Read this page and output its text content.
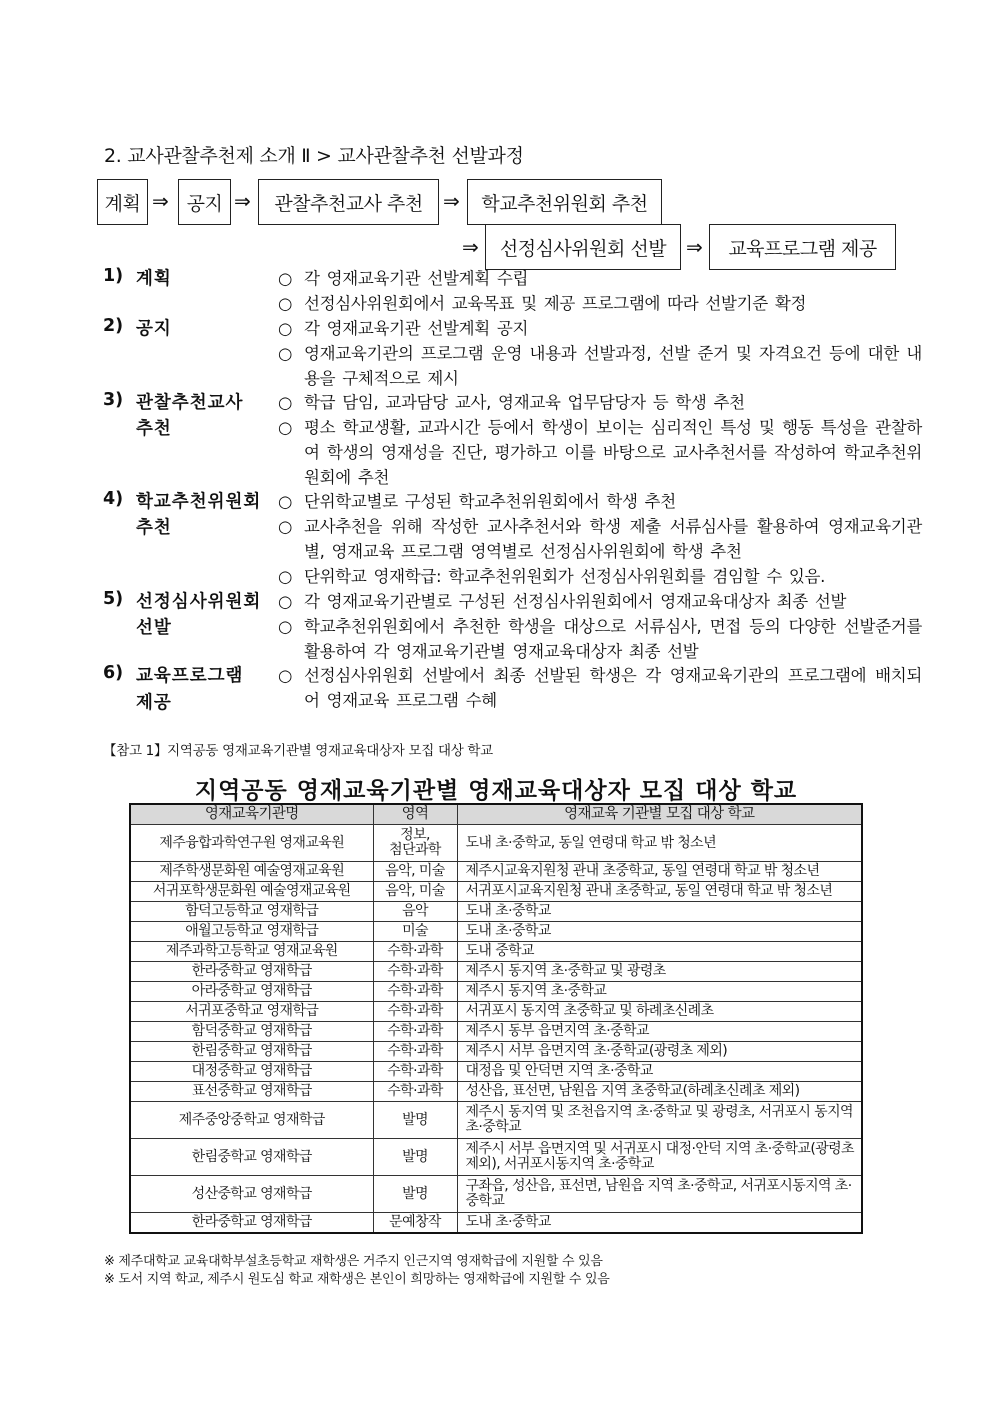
2. 교사관찰추천제 소개 Ⅱ > 교사관찰추천 선발과정
계획 ⇒ 공지 ⇒	관찰추천교사 추천	⇒	학교추천위원회 추천
⇒	선정심사위원회 선발 ⇒	교육프로그램 제공
1) 계획	○ 각 영재교육기관 선발계획 수립
○ 선정심사위원회에서 교육목표 및 제공 프로그램에 따라 선발기준 확정
2) 공지	○ 각 영재교육기관 선발계획 공지
○ 영재교육기관의 프로그램 운영 내용과 선발과정, 선발 준거 및 자격요건 등에 대한 내용을 구체적으로 제시
3) 관찰추천교사
추천
○ 학급 담임, 교과담당 교사, 영재교육 업무담당자 등 학생 추천
○ 평소 학교생활, 교과시간 등에서 학생이 보이는 심리적인 특성 및 행동 특성을 관찰하여 학생의 영재성을 진단, 평가하고 이를 바탕으로 교사추천서를 작성하여 학교추천위원회에 추천
4) 학교추천위원회
추천
○ 단위학교별로 구성된 학교추천위원회에서 학생 추천
○ 교사추천을 위해 작성한 교사추천서와 학생 제출 서류심사를 활용하여 영재교육기관별, 영재교육 프로그램 영역별로 선정심사위원회에 학생 추천
○ 단위학교 영재학급: 학교추천위원회가 선정심사위원회를 겸임할 수 있음.
5) 선정심사위원회
선발
○ 각 영재교육기관별로 구성된 선정심사위원회에서 영재교육대상자 최종 선발
○ 학교추천위원회에서 추천한 학생을 대상으로 서류심사, 면접 등의 다양한 선발준거를 활용하여 각 영재교육기관별 영재교육대상자 최종 선발
6) 교육프로그램
제공
○ 선정심사위원회 선발에서 최종 선발된 학생은 각 영재교육기관의 프로그램에 배치되어 영재교육 프로그램 수혜
【참고 1】지역공동 영재교육기관별 영재교육대상자 모집 대상 학교
지역공동 영재교육기관별 영재교육대상자 모집 대상 학교
영재교육기관명	영역	영재교육 기관별 모집 대상 학교
제주융합과학연구원 영재교육원	정보,
첨단과학	도내 초·중학교, 동일 연령대 학교 밖 청소년
제주학생문화원 예술영재교육원	음악, 미술	제주시교육지원청 관내 초중학교, 동일 연령대 학교 밖 청소년
서귀포학생문화원 예술영재교육원	음악, 미술	서귀포시교육지원청 관내 초중학교, 동일 연령대 학교 밖 청소년
함덕고등학교 영재학급	음악	도내 초·중학교
애월고등학교 영재학급	미술	도내 초·중학교
제주과학고등학교 영재교육원	수학·과학	도내 중학교
한라중학교 영재학급	수학·과학	제주시 동지역 초·중학교 및 광령초
아라중학교 영재학급	수학·과학	제주시 동지역 초·중학교
서귀포중학교 영재학급	수학·과학	서귀포시 동지역 초중학교 및 하례초신례초
함덕중학교 영재학급	수학·과학	제주시 동부 읍면지역 초·중학교
한림중학교 영재학급	수학·과학	제주시 서부 읍면지역 초·중학교(광령초 제외)
대정중학교 영재학급	수학·과학	대정읍 및 안덕면 지역 초·중학교
표선중학교 영재학급	수학·과학	성산읍, 표선면, 남원읍 지역 초중학교(하례초신례초 제외)
제주중앙중학교 영재학급	발명	제주시 동지역 및 조천읍지역 초·중학교 및 광령초, 서귀포시 동지역 초·중학교
한림중학교 영재학급	발명	제주시 서부 읍면지역 및 서귀포시 대정·안덕 지역 초·중학교(광령초 제외), 서귀포시동지역 초·중학교
성산중학교 영재학급	발명	구좌읍, 성산읍, 표선면, 남원읍 지역 초·중학교, 서귀포시동지역 초·중학교
한라중학교 영재학급	문예창작	도내 초·중학교
※ 제주대학교 교육대학부설초등학교 재학생은 거주지 인근지역 영재학급에 지원할 수 있음
※ 도서 지역 학교, 제주시 원도심 학교 재학생은 본인이 희망하는 영재학급에 지원할 수 있음
